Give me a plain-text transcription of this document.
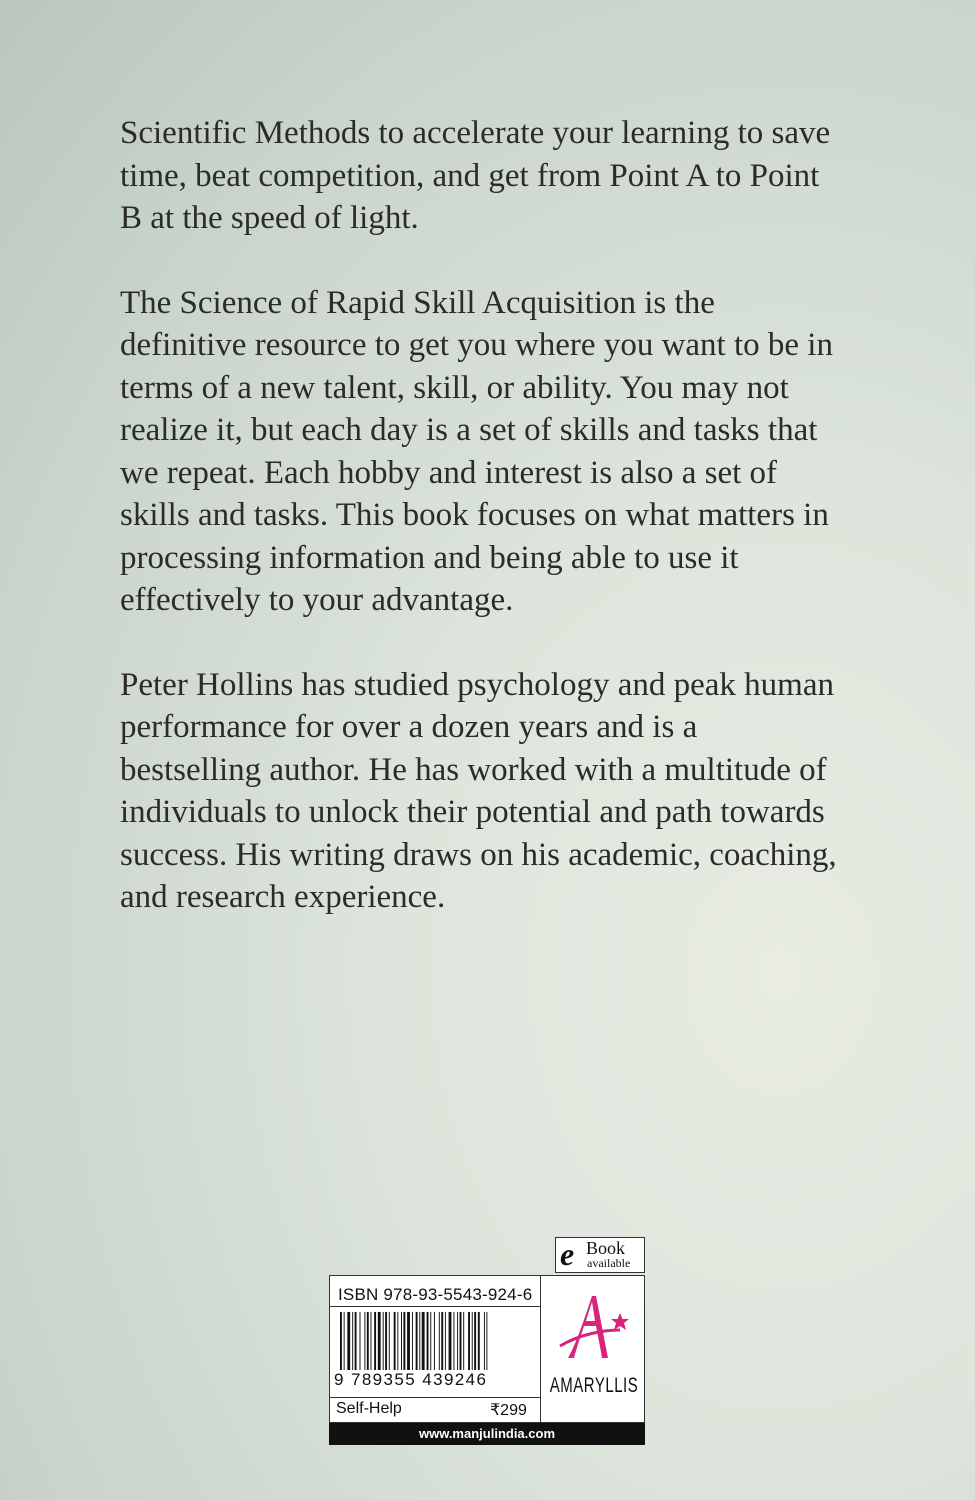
Scientific Methods to accelerate your learning to save time, beat competition, and get from Point A to Point B at the speed of light.

The Science of Rapid Skill Acquisition is the definitive resource to get you where you want to be in terms of a new talent, skill, or ability. You may not realize it, but each day is a set of skills and tasks that we repeat. Each hobby and interest is also a set of skills and tasks. This book focuses on what matters in processing information and being able to use it effectively to your advantage.

Peter Hollins has studied psychology and peak human performance for over a dozen years and is a bestselling author. He has worked with a multitude of individuals to unlock their potential and path towards success. His writing draws on his academic, coaching, and research experience.

e Book
available
ISBN 978-93-5543-924-6
9 789355 439246
Self-Help	₹299
AMARYLLIS
www.manjulindia.com
